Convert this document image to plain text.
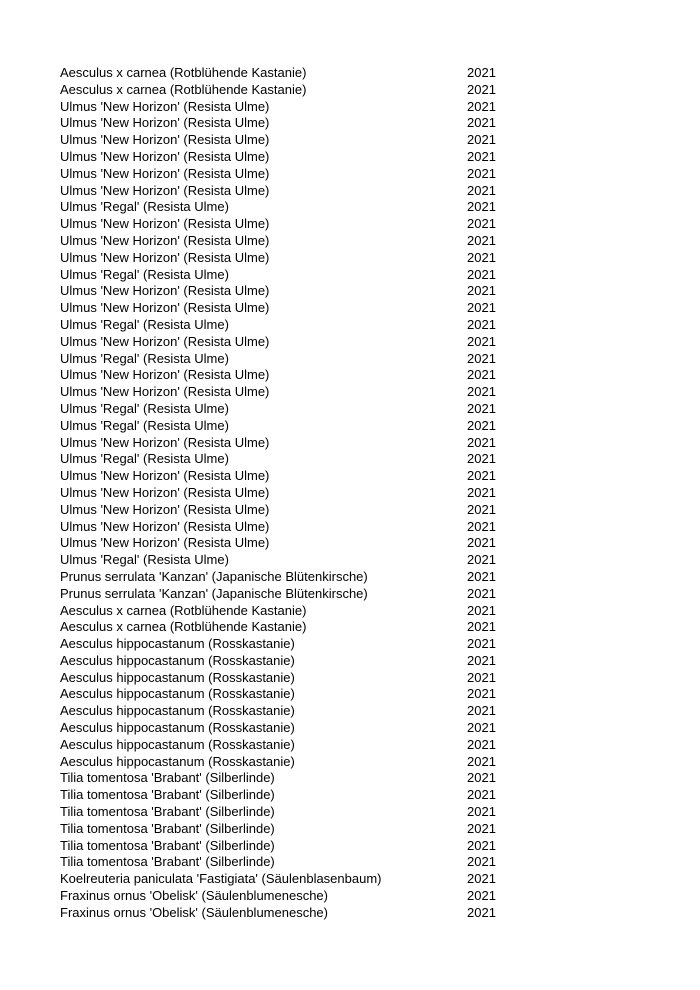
Aesculus x carnea (Rotblühende Kastanie)	2021
Aesculus x carnea (Rotblühende Kastanie)	2021
Ulmus 'New Horizon' (Resista Ulme)	2021
Ulmus 'New Horizon' (Resista Ulme)	2021
Ulmus 'New Horizon' (Resista Ulme)	2021
Ulmus 'New Horizon' (Resista Ulme)	2021
Ulmus 'New Horizon' (Resista Ulme)	2021
Ulmus 'New Horizon' (Resista Ulme)	2021
Ulmus 'Regal' (Resista Ulme)	2021
Ulmus 'New Horizon' (Resista Ulme)	2021
Ulmus 'New Horizon' (Resista Ulme)	2021
Ulmus 'New Horizon' (Resista Ulme)	2021
Ulmus 'Regal' (Resista Ulme)	2021
Ulmus 'New Horizon' (Resista Ulme)	2021
Ulmus 'New Horizon' (Resista Ulme)	2021
Ulmus 'Regal' (Resista Ulme)	2021
Ulmus 'New Horizon' (Resista Ulme)	2021
Ulmus 'Regal' (Resista Ulme)	2021
Ulmus 'New Horizon' (Resista Ulme)	2021
Ulmus 'New Horizon' (Resista Ulme)	2021
Ulmus 'Regal' (Resista Ulme)	2021
Ulmus 'Regal' (Resista Ulme)	2021
Ulmus 'New Horizon' (Resista Ulme)	2021
Ulmus 'Regal' (Resista Ulme)	2021
Ulmus 'New Horizon' (Resista Ulme)	2021
Ulmus 'New Horizon' (Resista Ulme)	2021
Ulmus 'New Horizon' (Resista Ulme)	2021
Ulmus 'New Horizon' (Resista Ulme)	2021
Ulmus 'New Horizon' (Resista Ulme)	2021
Ulmus 'Regal' (Resista Ulme)	2021
Prunus serrulata 'Kanzan' (Japanische Blütenkirsche)	2021
Prunus serrulata 'Kanzan' (Japanische Blütenkirsche)	2021
Aesculus x carnea (Rotblühende Kastanie)	2021
Aesculus x carnea (Rotblühende Kastanie)	2021
Aesculus hippocastanum (Rosskastanie)	2021
Aesculus hippocastanum (Rosskastanie)	2021
Aesculus hippocastanum (Rosskastanie)	2021
Aesculus hippocastanum (Rosskastanie)	2021
Aesculus hippocastanum (Rosskastanie)	2021
Aesculus hippocastanum (Rosskastanie)	2021
Aesculus hippocastanum (Rosskastanie)	2021
Aesculus hippocastanum (Rosskastanie)	2021
Tilia tomentosa 'Brabant' (Silberlinde)	2021
Tilia tomentosa 'Brabant' (Silberlinde)	2021
Tilia tomentosa 'Brabant' (Silberlinde)	2021
Tilia tomentosa 'Brabant' (Silberlinde)	2021
Tilia tomentosa 'Brabant' (Silberlinde)	2021
Tilia tomentosa 'Brabant' (Silberlinde)	2021
Koelreuteria paniculata 'Fastigiata' (Säulenblasenbaum)	2021
Fraxinus ornus 'Obelisk' (Säulenblumenesche)	2021
Fraxinus ornus 'Obelisk' (Säulenblumenesche)	2021
